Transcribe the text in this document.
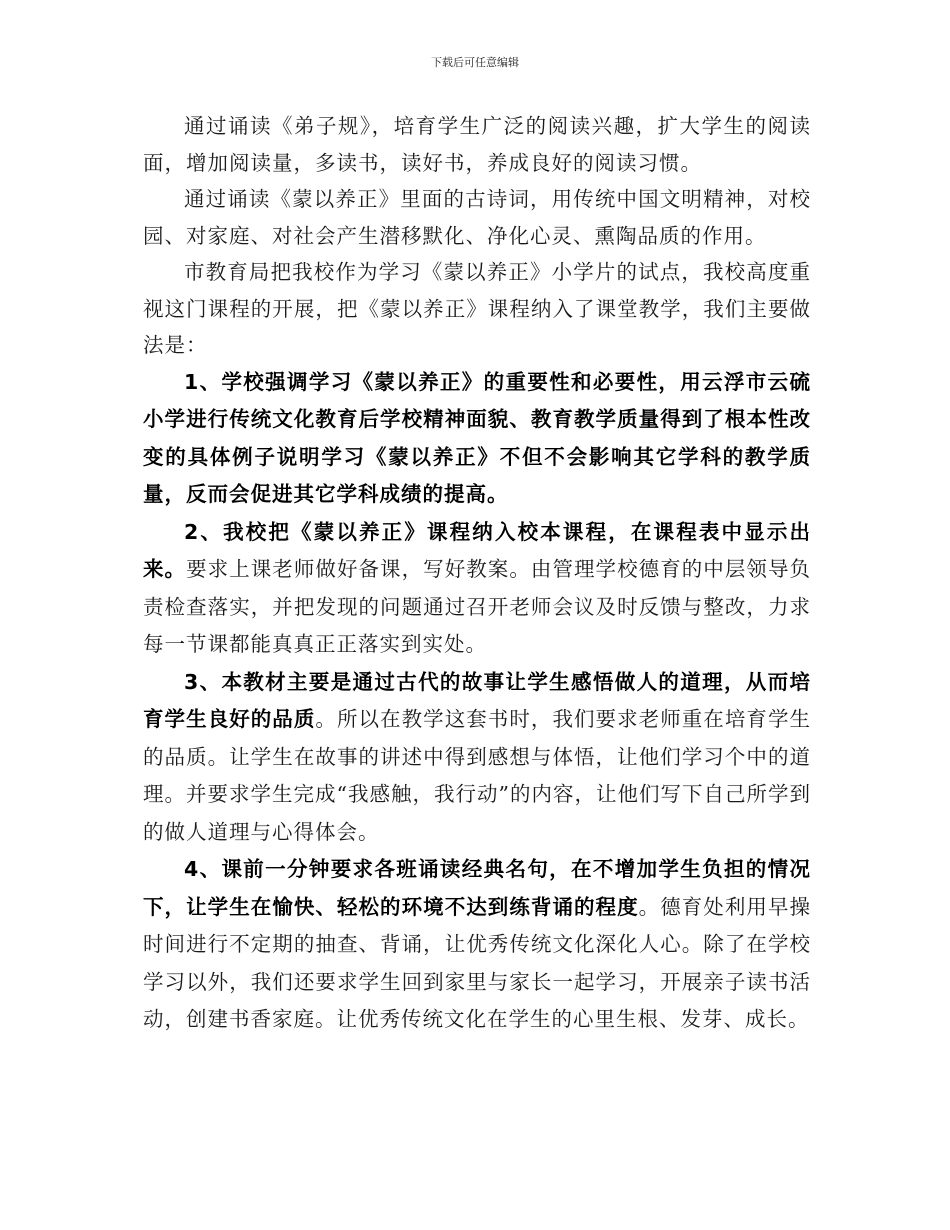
下载后可任意编辑

通过诵读《弟子规》，培育学生广泛的阅读兴趣，扩大学生的阅读面，增加阅读量，多读书，读好书，养成良好的阅读习惯。

通过诵读《蒙以养正》里面的古诗词，用传统中国文明精神，对校园、对家庭、对社会产生潜移默化、净化心灵、熏陶品质的作用。

市教育局把我校作为学习《蒙以养正》小学片的试点，我校高度重视这门课程的开展，把《蒙以养正》课程纳入了课堂教学，我们主要做法是：

1、学校强调学习《蒙以养正》的重要性和必要性，用云浮市云硫小学进行传统文化教育后学校精神面貌、教育教学质量得到了根本性改变的具体例子说明学习《蒙以养正》不但不会影响其它学科的教学质量，反而会促进其它学科成绩的提高。

2、我校把《蒙以养正》课程纳入校本课程，在课程表中显示出来。要求上课老师做好备课，写好教案。由管理学校德育的中层领导负责检查落实，并把发现的问题通过召开老师会议及时反馈与整改，力求每一节课都能真真正正落实到实处。

3、本教材主要是通过古代的故事让学生感悟做人的道理，从而培育学生良好的品质。所以在教学这套书时，我们要求老师重在培育学生的品质。让学生在故事的讲述中得到感想与体悟，让他们学习个中的道理。并要求学生完成“我感触，我行动”的内容，让他们写下自己所学到的做人道理与心得体会。

4、课前一分钟要求各班诵读经典名句，在不增加学生负担的情况下，让学生在愉快、轻松的环境不达到练背诵的程度。德育处利用早操时间进行不定期的抽查、背诵，让优秀传统文化深化人心。除了在学校学习以外，我们还要求学生回到家里与家长一起学习，开展亲子读书活动，创建书香家庭。让优秀传统文化在学生的心里生根、发芽、成长。
